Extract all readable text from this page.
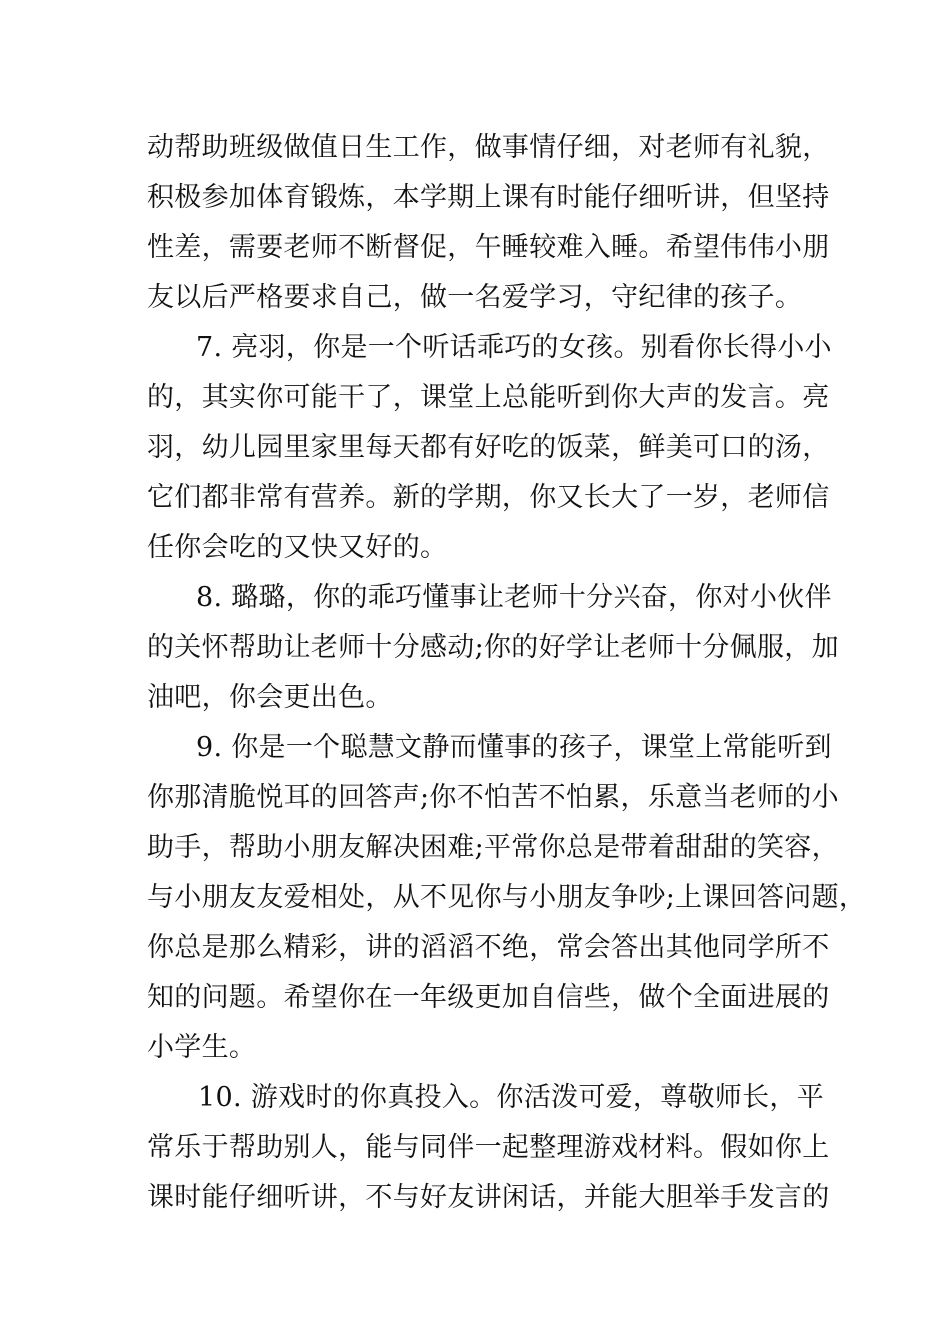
动帮助班级做值日生工作，做事情仔细，对老师有礼貌，

积极参加体育锻炼，本学期上课有时能仔细听讲，但坚持

性差，需要老师不断督促，午睡较难入睡。希望伟伟小朋

友以后严格要求自己，做一名爱学习，守纪律的孩子。

7. 亮羽，你是一个听话乖巧的女孩。别看你长得小小

的，其实你可能干了，课堂上总能听到你大声的发言。亮

羽，幼儿园里家里每天都有好吃的饭菜，鲜美可口的汤，

它们都非常有营养。新的学期，你又长大了一岁，老师信

任你会吃的又快又好的。

8. 璐璐，你的乖巧懂事让老师十分兴奋，你对小伙伴

的关怀帮助让老师十分感动;你的好学让老师十分佩服，加

油吧，你会更出色。

9. 你是一个聪慧文静而懂事的孩子，课堂上常能听到

你那清脆悦耳的回答声;你不怕苦不怕累，乐意当老师的小

助手，帮助小朋友解决困难;平常你总是带着甜甜的笑容，

与小朋友友爱相处，从不见你与小朋友争吵;上课回答问题，

你总是那么精彩，讲的滔滔不绝，常会答出其他同学所不

知的问题。希望你在一年级更加自信些，做个全面进展的

小学生。

10. 游戏时的你真投入。你活泼可爱，尊敬师长，平

常乐于帮助别人，能与同伴一起整理游戏材料。假如你上

课时能仔细听讲，不与好友讲闲话，并能大胆举手发言的
